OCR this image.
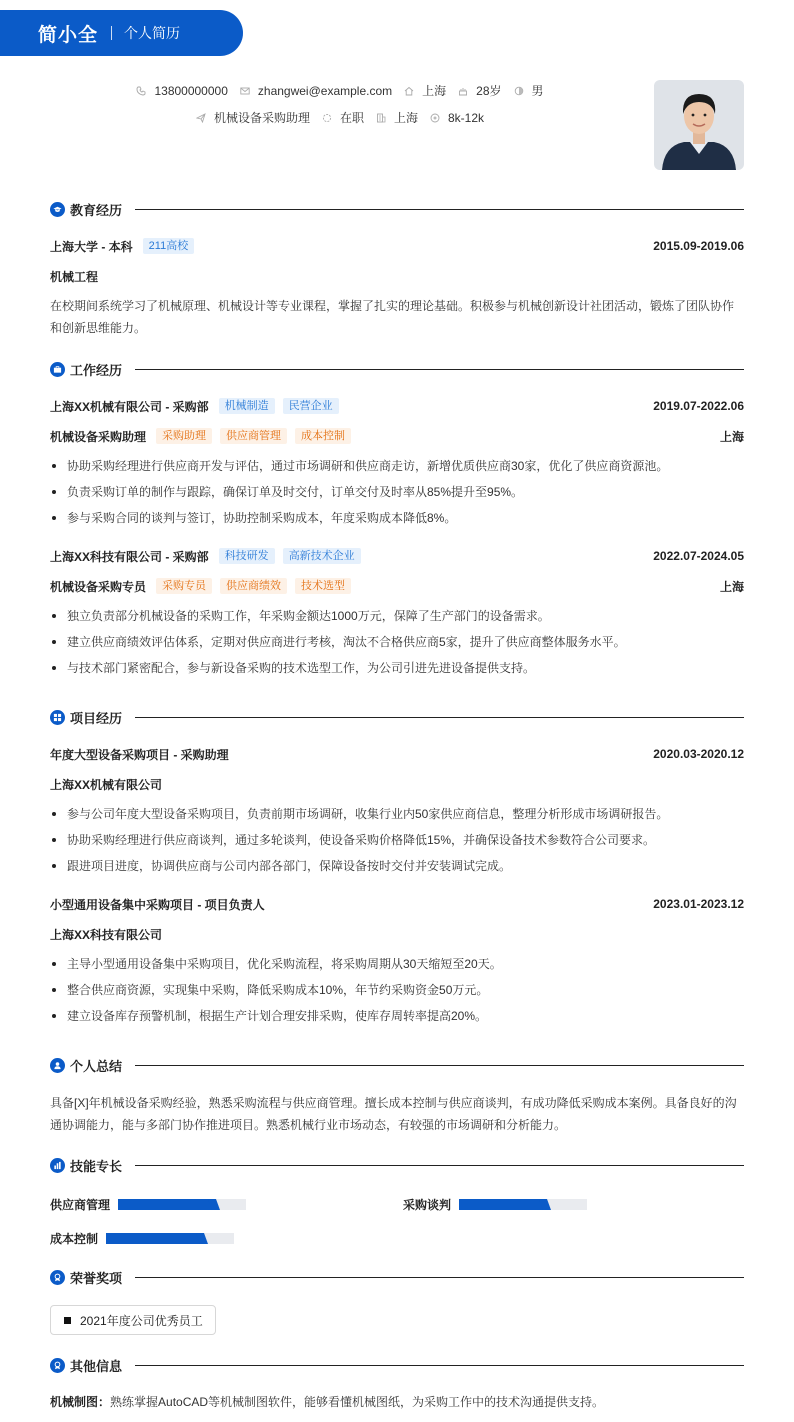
简小全 个人简历
13800000000	zhangwei@example.com	上海	28岁	男
机械设备采购助理	在职	上海	8k-12k
教育经历
上海大学 - 本科	211高校	2015.09-2019.06
机械工程
在校期间系统学习了机械原理、机械设计等专业课程，掌握了扎实的理论基础。积极参与机械创新设计社团活动，锻炼了团队协作和创新思维能力。
工作经历
上海XX机械有限公司 - 采购部	机械制造	民营企业	2019.07-2022.06
机械设备采购助理	采购助理	供应商管理	成本控制	上海
协助采购经理进行供应商开发与评估，通过市场调研和供应商走访，新增优质供应商30家，优化了供应商资源池。
负责采购订单的制作与跟踪，确保订单及时交付，订单交付及时率从85%提升至95%。
参与采购合同的谈判与签订，协助控制采购成本，年度采购成本降低8%。
上海XX科技有限公司 - 采购部	科技研发	高新技术企业	2022.07-2024.05
机械设备采购专员	采购专员	供应商绩效	技术选型	上海
独立负责部分机械设备的采购工作，年采购金额达1000万元，保障了生产部门的设备需求。
建立供应商绩效评估体系，定期对供应商进行考核，淘汰不合格供应商5家，提升了供应商整体服务水平。
与技术部门紧密配合，参与新设备采购的技术选型工作，为公司引进先进设备提供支持。
项目经历
年度大型设备采购项目 - 采购助理	2020.03-2020.12
上海XX机械有限公司
参与公司年度大型设备采购项目，负责前期市场调研，收集行业内50家供应商信息，整理分析形成市场调研报告。
协助采购经理进行供应商谈判，通过多轮谈判，使设备采购价格降低15%，并确保设备技术参数符合公司要求。
跟进项目进度，协调供应商与公司内部各部门，保障设备按时交付并安装调试完成。
小型通用设备集中采购项目 - 项目负责人	2023.01-2023.12
上海XX科技有限公司
主导小型通用设备集中采购项目，优化采购流程，将采购周期从30天缩短至20天。
整合供应商资源，实现集中采购，降低采购成本10%，年节约采购资金50万元。
建立设备库存预警机制，根据生产计划合理安排采购，使库存周转率提高20%。
个人总结
具备[X]年机械设备采购经验，熟悉采购流程与供应商管理。擅长成本控制与供应商谈判，有成功降低采购成本案例。具备良好的沟
通协调能力，能与多部门协作推进项目。熟悉机械行业市场动态，有较强的市场调研和分析能力。
技能专长
供应商管理	采购谈判
成本控制
荣誉奖项
2021年度公司优秀员工
其他信息
机械制图：熟练掌握AutoCAD等机械制图软件，能够看懂机械图纸，为采购工作中的技术沟通提供支持。
